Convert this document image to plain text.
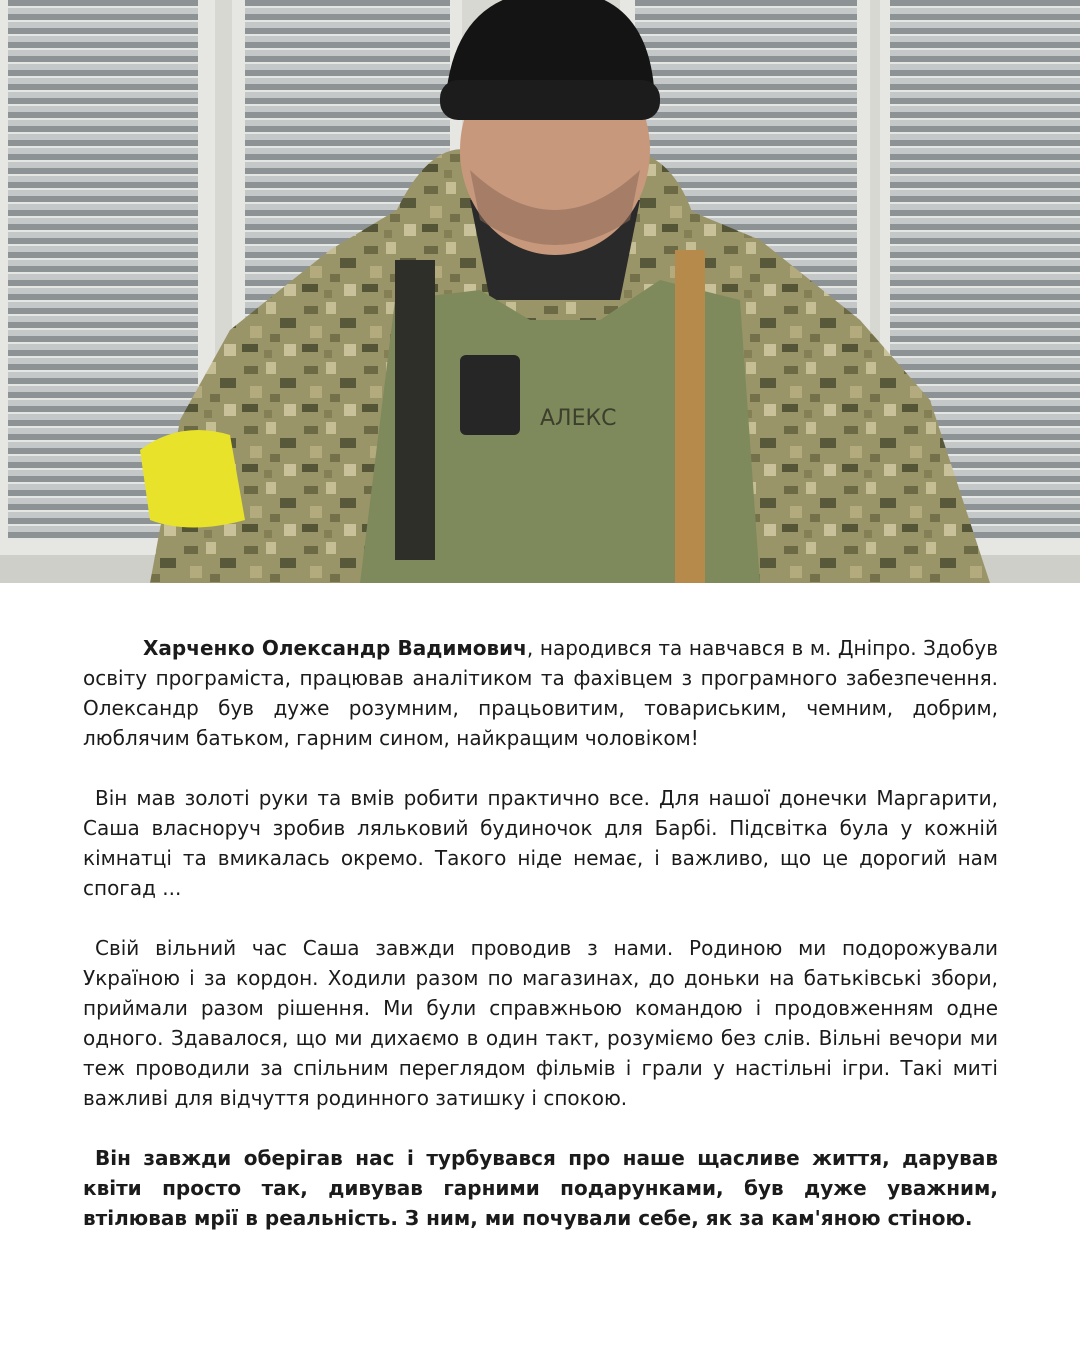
АЛЕКС

Харченко Олександр Вадимович, народився та навчався в м. Дніпро. Здобув освіту програміста, працював аналітиком та фахівцем з програмного забезпечення. Олександр був дуже розумним, працьовитим, товариським, чемним, добрим, люблячим батьком, гарним сином, найкращим чоловіком!

Він мав золоті руки та вмів робити практично все. Для нашої донечки Маргарити, Саша власноруч зробив ляльковий будиночок для Барбі. Підсвітка була у кожній кімнатці та вмикалась окремо. Такого ніде немає, і важливо, що це дорогий нам спогад ...

Свій вільний час Саша завжди проводив з нами. Родиною ми подорожували Україною і за кордон. Ходили разом по магазинах, до доньки на батьківські збори, приймали разом рішення. Ми були справжньою командою і продовженням одне одного. Здавалося, що ми дихаємо в один такт, розуміємо без слів. Вільні вечори ми теж проводили за спільним переглядом фільмів і грали у настільні ігри. Такі миті важливі для відчуття родинного затишку і спокою.

Він завжди оберігав нас і турбувався про наше щасливе життя, дарував квіти просто так, дивував гарними подарунками, був дуже уважним, втілював мрії в реальність. З ним, ми почували себе, як за кам'яною стіною.
